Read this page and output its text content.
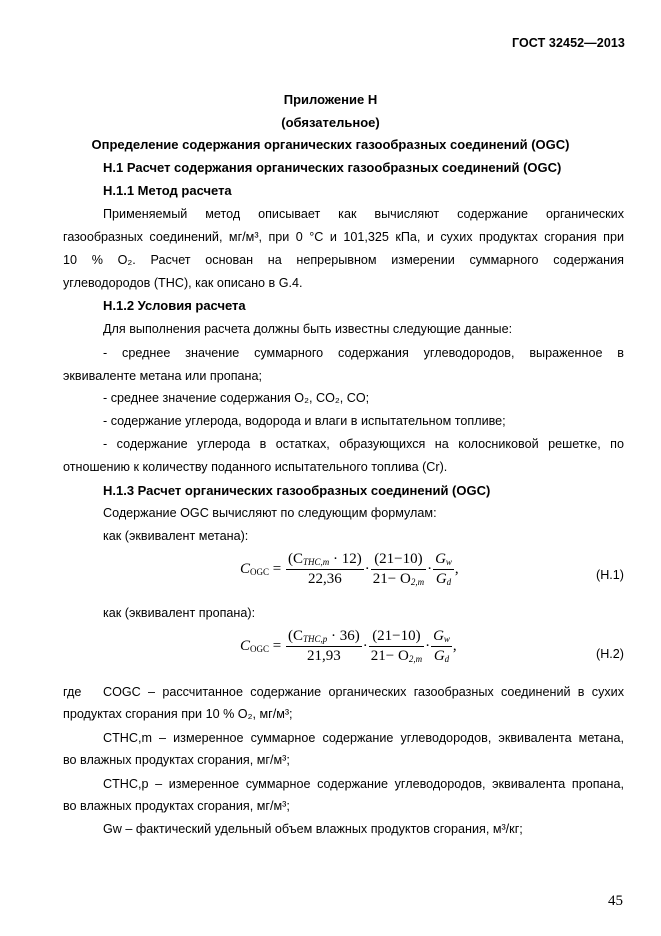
ГОСТ 32452—2013
Приложение Н
(обязательное)
Определение содержания органических газообразных соединений (OGC)
Н.1 Расчет содержания органических газообразных соединений (OGC)
Н.1.1 Метод расчета
Применяемый метод описывает как вычисляют содержание органических
газообразных соединений, мг/м³, при 0 °С и 101,325 кПа, и сухих продуктах сгорания при
10 % O₂. Расчет основан на непрерывном измерении суммарного содержания
углеводородов (THC), как описано в G.4.
Н.1.2 Условия расчета
Для выполнения расчета должны быть известны следующие данные:
- среднее значение суммарного содержания углеводородов, выраженное в
эквиваленте метана или пропана;
- среднее значение содержания O₂, CO₂, CO;
- содержание углерода, водорода и влаги в испытательном топливе;
- содержание углерода в остатках, образующихся на колосниковой решетке, по
отношению к количеству поданного испытательного топлива (Cr).
Н.1.3 Расчет органических газообразных соединений (OGC)
Содержание OGC вычисляют по следующим формулам:
как (эквивалент метана):
$C_{OGC} = \frac{(C_{THC,m} \cdot 12)}{22,36} \cdot \frac{(21-10)}{21- O_{2,m}} \cdot \frac{G_w}{G_d}$ ,	(Н.1)
как (эквивалент пропана):
$C_{OGC} = \frac{(C_{THC,p} \cdot 36)}{21,93} \cdot \frac{(21-10)}{21- O_{2,m}} \cdot \frac{G_w}{G_d}$ ,
(Н.2)
где COGC – рассчитанное содержание органических газообразных соединений в сухих
продуктах сгорания при 10 % O₂, мг/м³;
CTHC,m – измеренное суммарное содержание углеводородов, эквивалента метана,
во влажных продуктах сгорания, мг/м³;
CTHC,p – измеренное суммарное содержание углеводородов, эквивалента пропана,
во влажных продуктах сгорания, мг/м³;
Gw – фактический удельный объем влажных продуктов сгорания, м³/кг;
45
